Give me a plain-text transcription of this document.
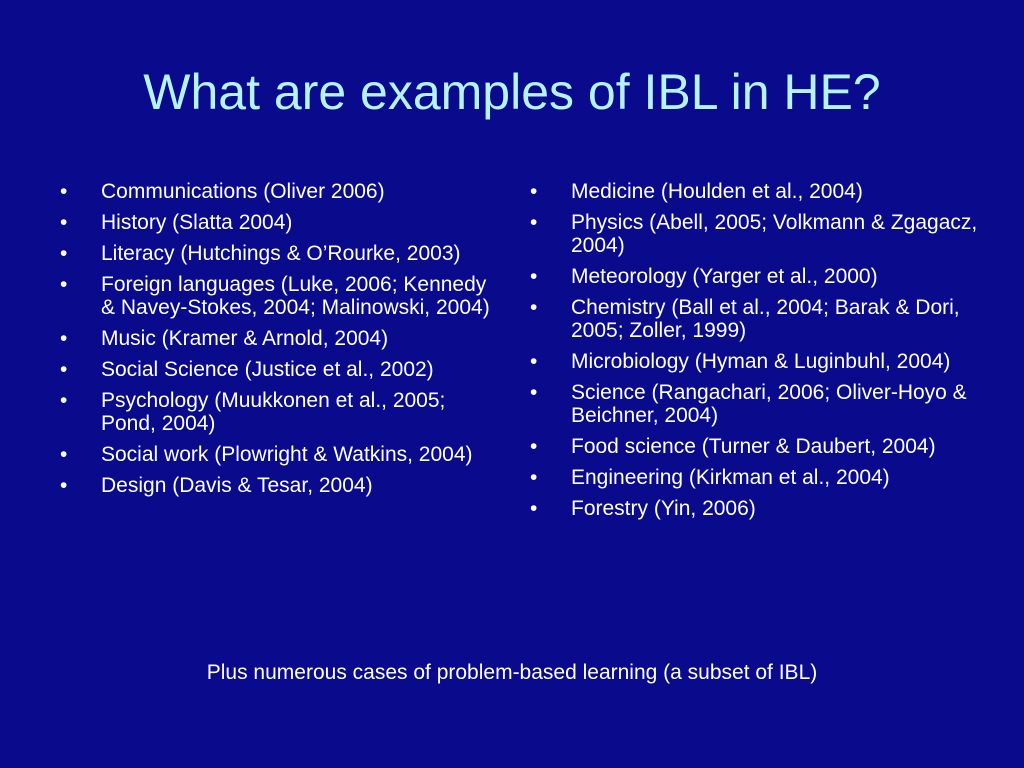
What are examples of IBL in HE?
•	Communications (Oliver 2006)
•	History (Slatta 2004)
•	Literacy (Hutchings & O’Rourke, 2003)
•	Foreign languages (Luke, 2006; Kennedy & Navey-Stokes, 2004; Malinowski, 2004)
•	Music (Kramer & Arnold, 2004)
•	Social Science (Justice et al., 2002)
•	Psychology (Muukkonen et al., 2005; Pond, 2004)
•	Social work (Plowright & Watkins, 2004)
•	Design (Davis & Tesar, 2004)
•	Medicine (Houlden et al., 2004)
•	Physics (Abell, 2005; Volkmann & Zgagacz, 2004)
•	Meteorology (Yarger et al., 2000)
•	Chemistry (Ball et al., 2004; Barak & Dori, 2005; Zoller, 1999)
•	Microbiology (Hyman & Luginbuhl, 2004)
•	Science (Rangachari, 2006; Oliver-Hoyo & Beichner, 2004)
•	Food science (Turner & Daubert, 2004)
•	Engineering (Kirkman et al., 2004)
•	Forestry (Yin, 2006)

Plus numerous cases of problem-based learning (a subset of IBL)
